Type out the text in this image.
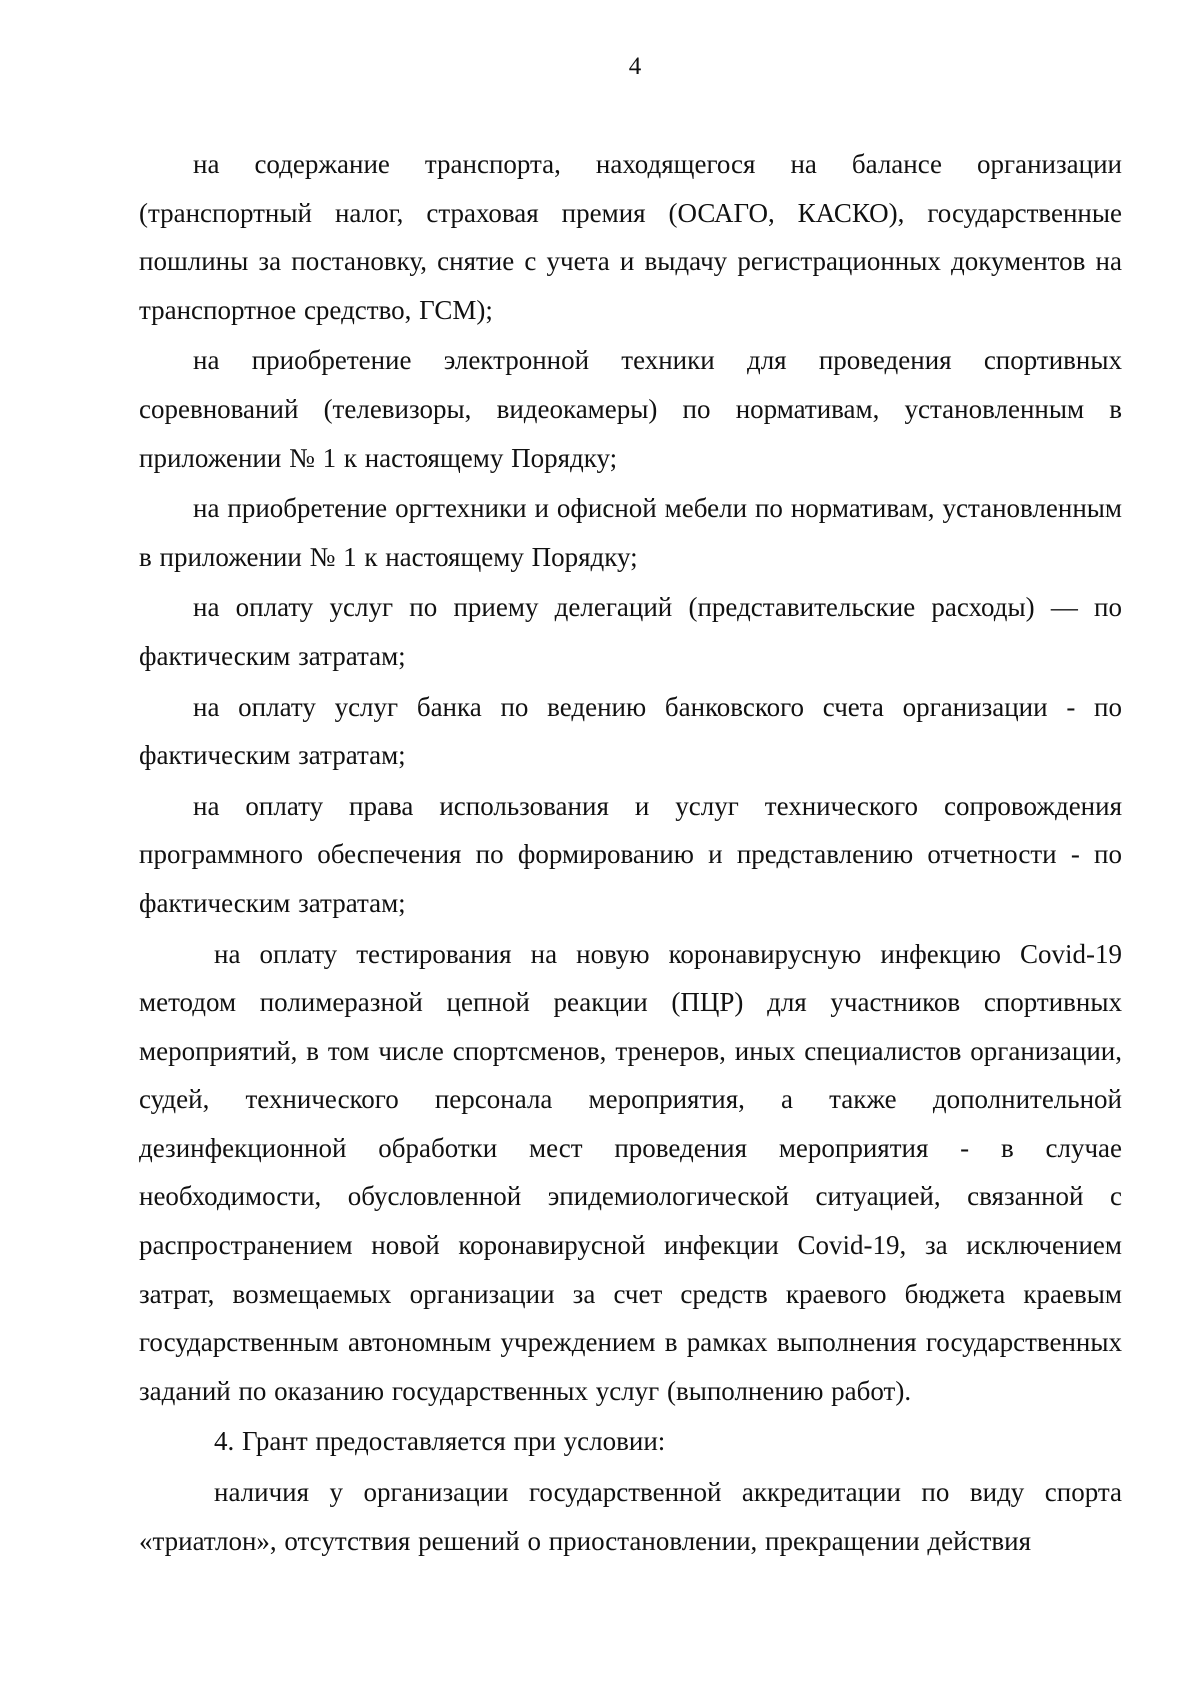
4

на содержание транспорта, находящегося на балансе организации (транспортный налог, страховая премия (ОСАГО, КАСКО), государственные пошлины за постановку, снятие с учета и выдачу регистрационных документов на транспортное средство, ГСМ);

на приобретение электронной техники для проведения спортивных соревнований (телевизоры, видеокамеры) по нормативам, установленным в приложении № 1 к настоящему Порядку;

на приобретение оргтехники и офисной мебели по нормативам, установленным в приложении № 1 к настоящему Порядку;

на оплату услуг по приему делегаций (представительские расходы) — по фактическим затратам;

на оплату услуг банка по ведению банковского счета организации - по фактическим затратам;

на оплату права использования и услуг технического сопровождения программного обеспечения по формированию и представлению отчетности - по фактическим затратам;

на оплату тестирования на новую коронавирусную инфекцию Covid-19 методом полимеразной цепной реакции (ПЦР) для участников спортивных мероприятий, в том числе спортсменов, тренеров, иных специалистов организации, судей, технического персонала мероприятия, а также дополнительной дезинфекционной обработки мест проведения мероприятия - в случае необходимости, обусловленной эпидемиологической ситуацией, связанной с распространением новой коронавирусной инфекции Covid-19, за исключением затрат, возмещаемых организации за счет средств краевого бюджета краевым государственным автономным учреждением в рамках выполнения государственных заданий по оказанию государственных услуг (выполнению работ).

4. Грант предоставляется при условии:

наличия у организации государственной аккредитации по виду спорта «триатлон», отсутствия решений о приостановлении, прекращении действия
